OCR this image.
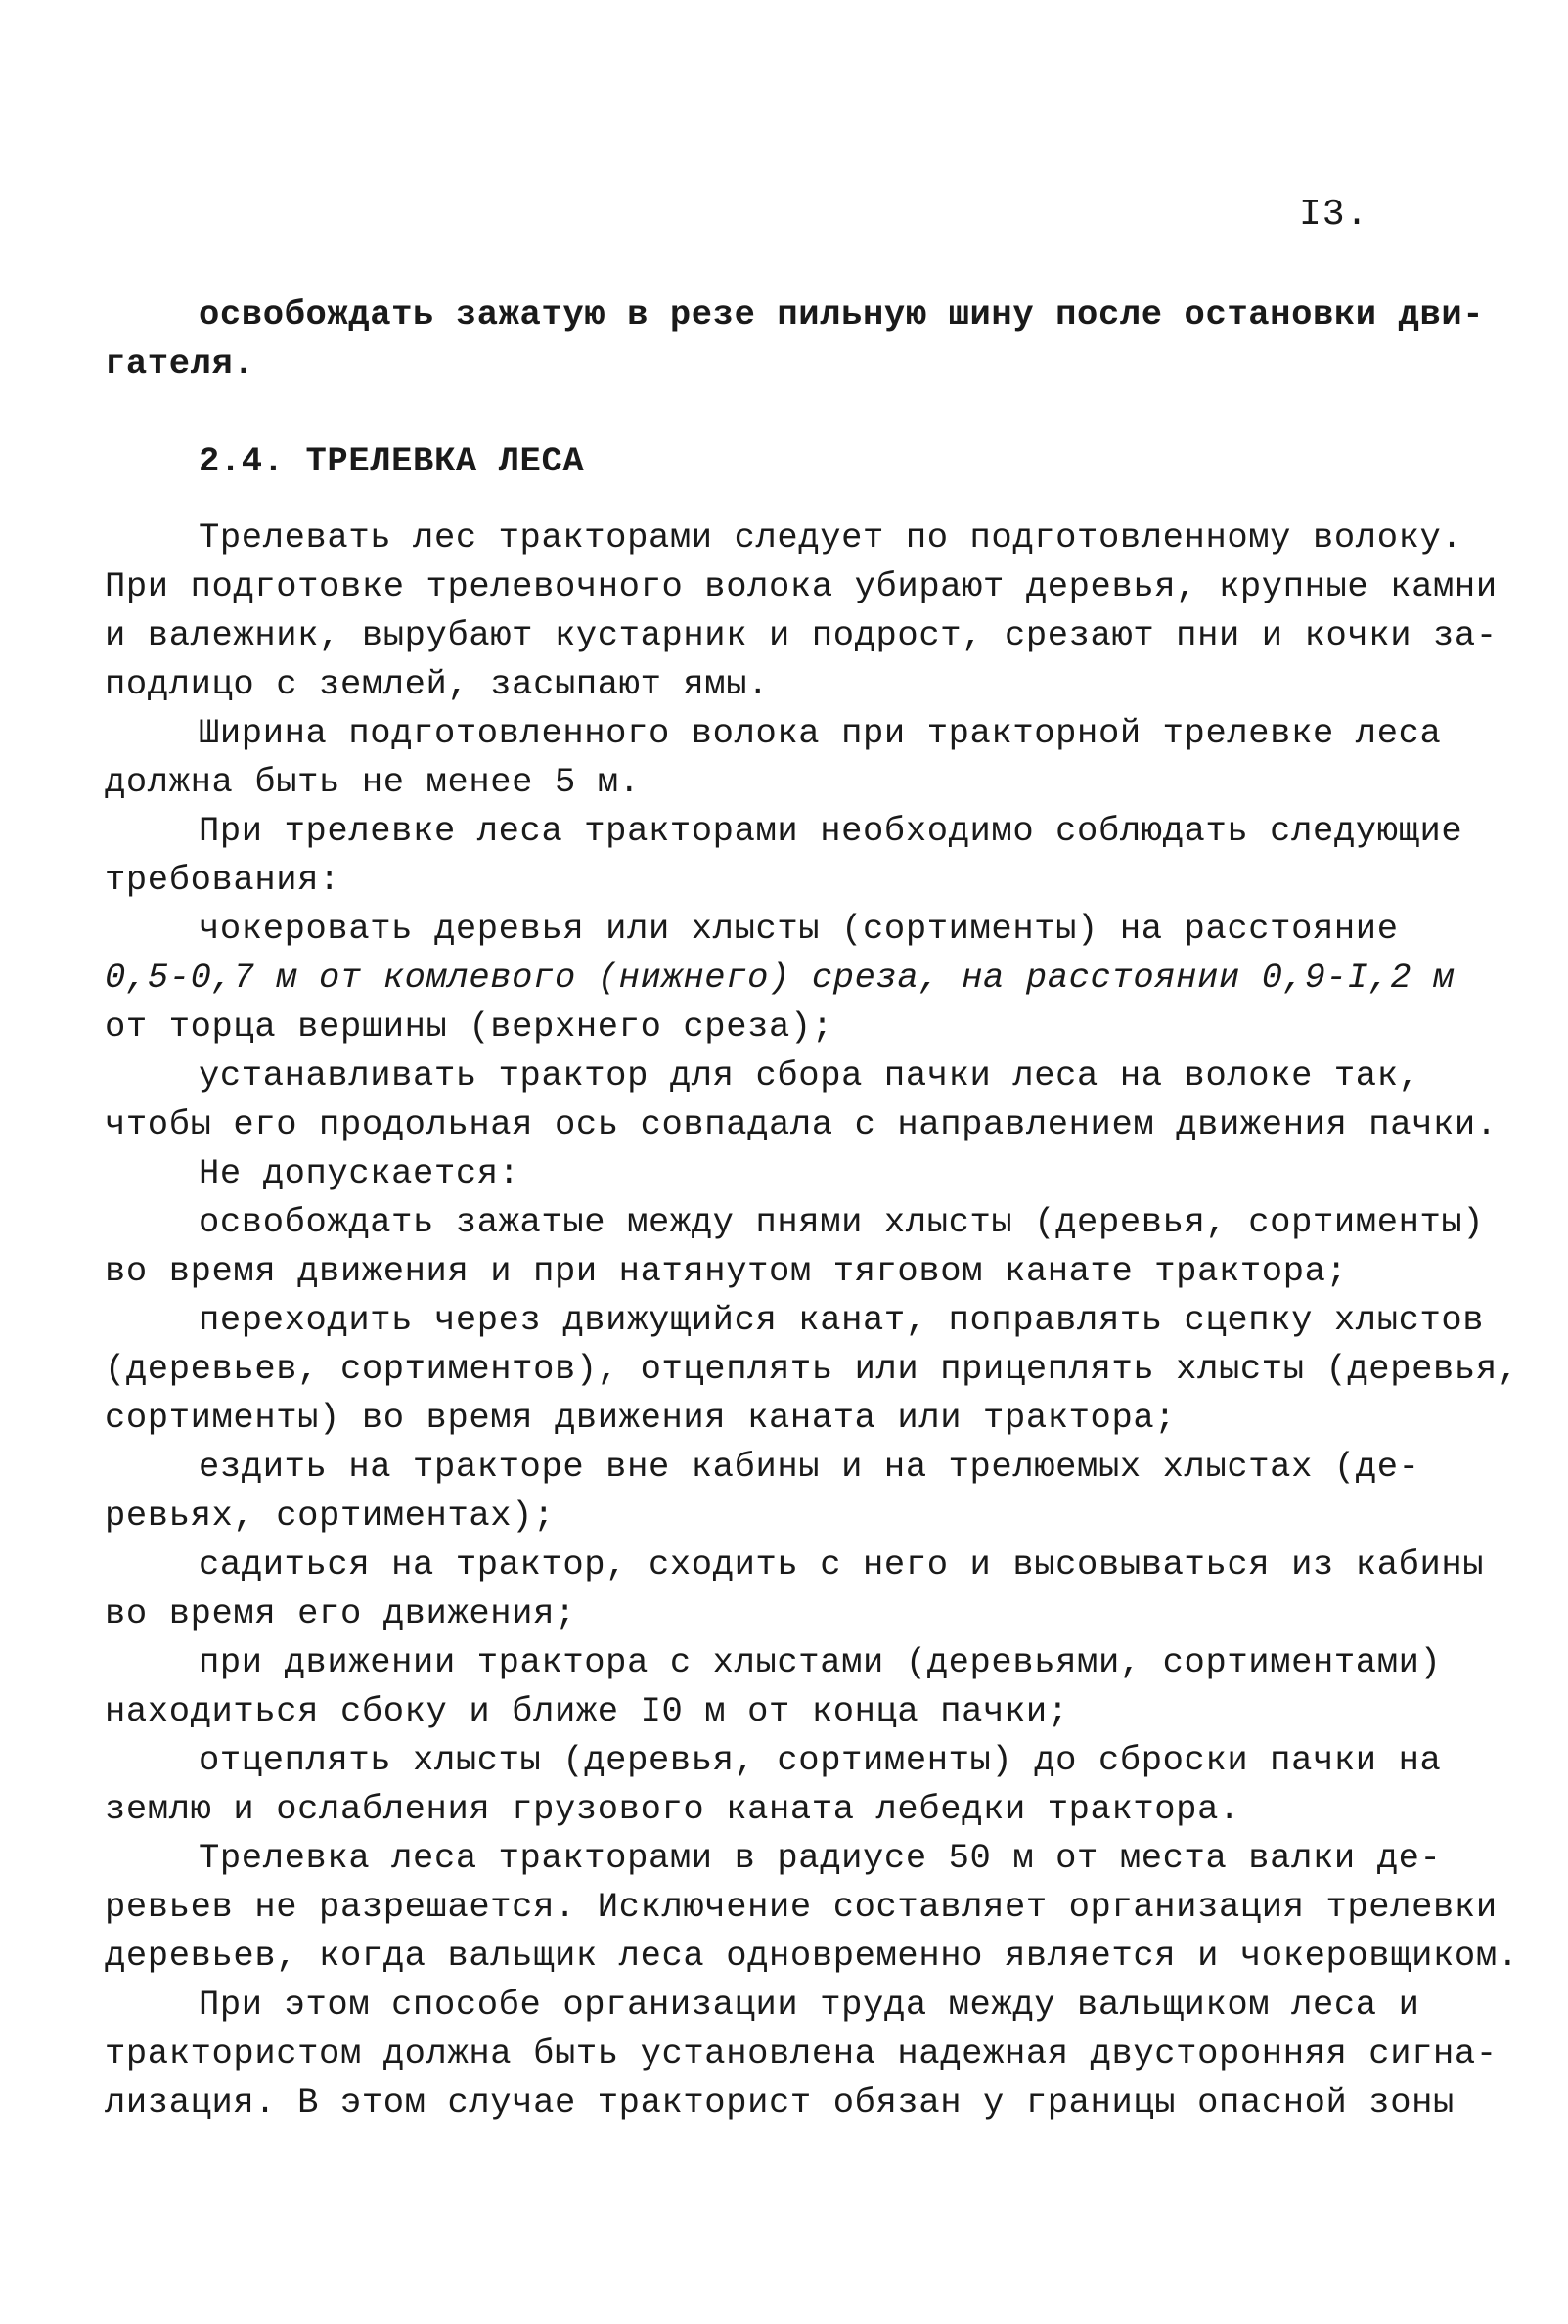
I3.
освобождать зажатую в резе пильную шину после остановки дви-
гателя.
2.4. ТРЕЛЕВКА ЛЕСА
Трелевать лес тракторами следует по подготовленному волоку.
При подготовке трелевочного волока убирают деревья, крупные камни
и валежник, вырубают кустарник и подрост, срезают пни и кочки за-
подлицо с землей, засыпают ямы.
Ширина подготовленного волока при тракторной трелевке леса
должна быть не менее 5 м.
При трелевке леса тракторами необходимо соблюдать следующие
требования:
чокеровать деревья или хлысты (сортименты) на расстояние
0,5-0,7 м от комлевого (нижнего) среза, на расстоянии 0,9-I,2 м
от торца вершины (верхнего среза);
устанавливать трактор для сбора пачки леса на волоке так,
чтобы его продольная ось совпадала с направлением движения пачки.
Не допускается:
освобождать зажатые между пнями хлысты (деревья, сортименты)
во время движения и при натянутом тяговом канате трактора;
переходить через движущийся канат, поправлять сцепку хлыстов
(деревьев, сортиментов), отцеплять или прицеплять хлысты (деревья,
сортименты) во время движения каната или трактора;
ездить на тракторе вне кабины и на трелюемых хлыстах (де-
ревьях, сортиментах);
садиться на трактор, сходить с него и высовываться из кабины
во время его движения;
при движении трактора с хлыстами (деревьями, сортиментами)
находиться сбоку и ближе I0 м от конца пачки;
отцеплять хлысты (деревья, сортименты) до сброски пачки на
землю и ослабления грузового каната лебедки трактора.
Трелевка леса тракторами в радиусе 50 м от места валки де-
ревьев не разрешается. Исключение составляет организация трелевки
деревьев, когда вальщик леса одновременно является и чокеровщиком.
При этом способе организации труда между вальщиком леса и
трактористом должна быть установлена надежная двусторонняя сигна-
лизация. В этом случае тракторист обязан у границы опасной зоны
